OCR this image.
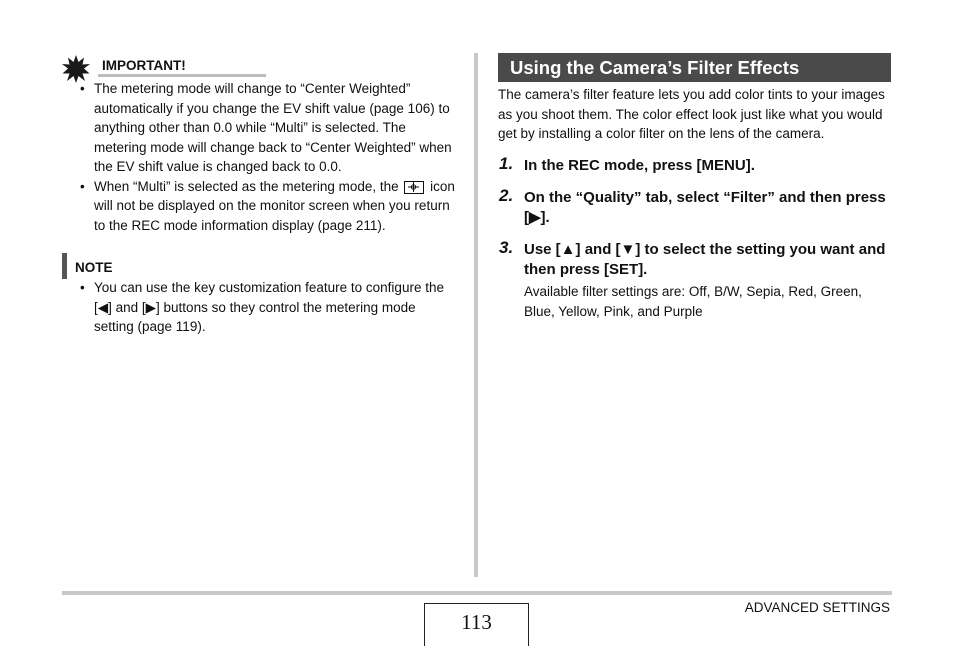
IMPORTANT!
• The metering mode will change to “Center Weighted” automatically if you change the EV shift value (page 106) to anything other than 0.0 while “Multi” is selected. The metering mode will change back to “Center Weighted” when the EV shift value is changed back to 0.0.
• When “Multi” is selected as the metering mode, the icon will not be displayed on the monitor screen when you return to the REC mode information display (page 211).
NOTE
• You can use the key customization feature to configure the [◀] and [▶] buttons so they control the metering mode setting (page 119).
Using the Camera’s Filter Effects
The camera’s filter feature lets you add color tints to your images as you shoot them. The color effect look just like what you would get by installing a color filter on the lens of the camera.
1. In the REC mode, press [MENU].
2. On the “Quality” tab, select “Filter” and then press [▶].
3. Use [▲] and [▼] to select the setting you want and then press [SET].
Available filter settings are: Off, B/W, Sepia, Red, Green, Blue, Yellow, Pink, and Purple
113
ADVANCED SETTINGS
